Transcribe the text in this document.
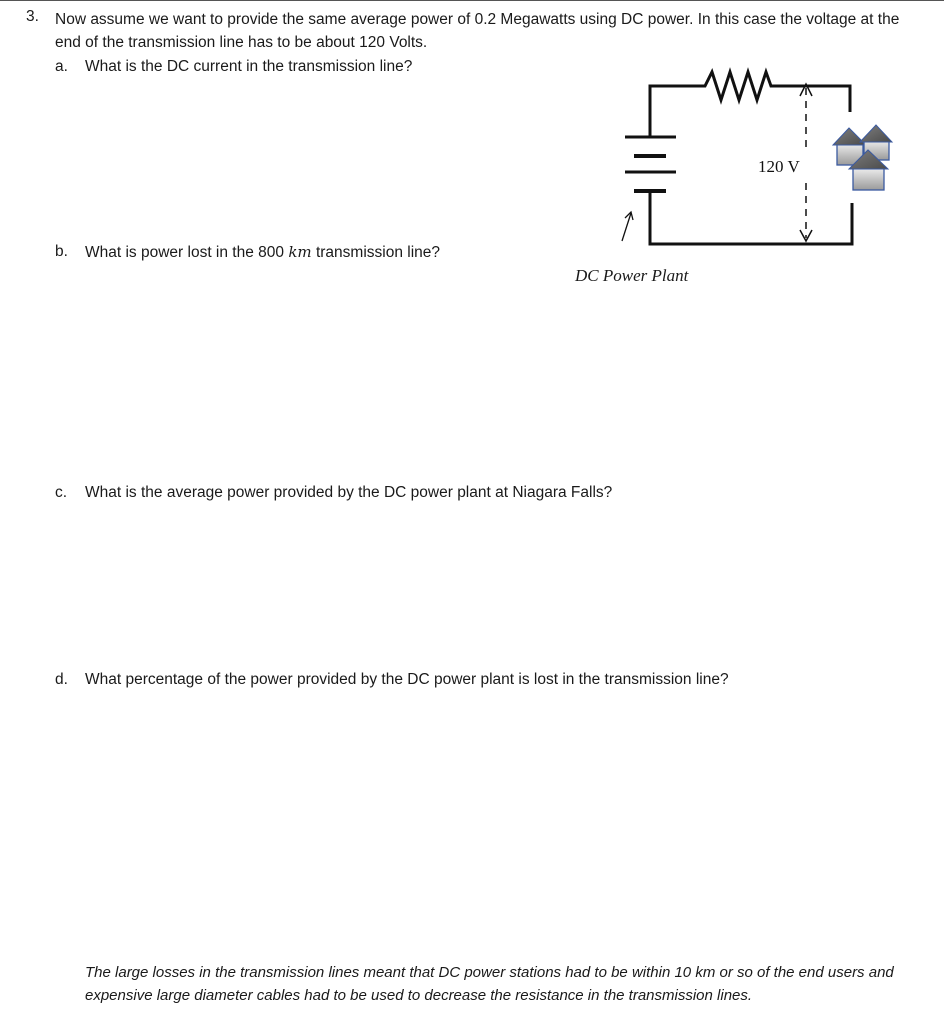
3. Now assume we want to provide the same average power of 0.2 Megawatts using DC power. In this case the voltage at the end of the transmission line has to be about 120 Volts.
a. What is the DC current in the transmission line?
b. What is power lost in the 800 km transmission line?
c. What is the average power provided by the DC power plant at Niagara Falls?
d. What percentage of the power provided by the DC power plant is lost in the transmission line?
120 V
DC Power Plant
The large losses in the transmission lines meant that DC power stations had to be within 10 km or so of the end users and expensive large diameter cables had to be used to decrease the resistance in the transmission lines.
